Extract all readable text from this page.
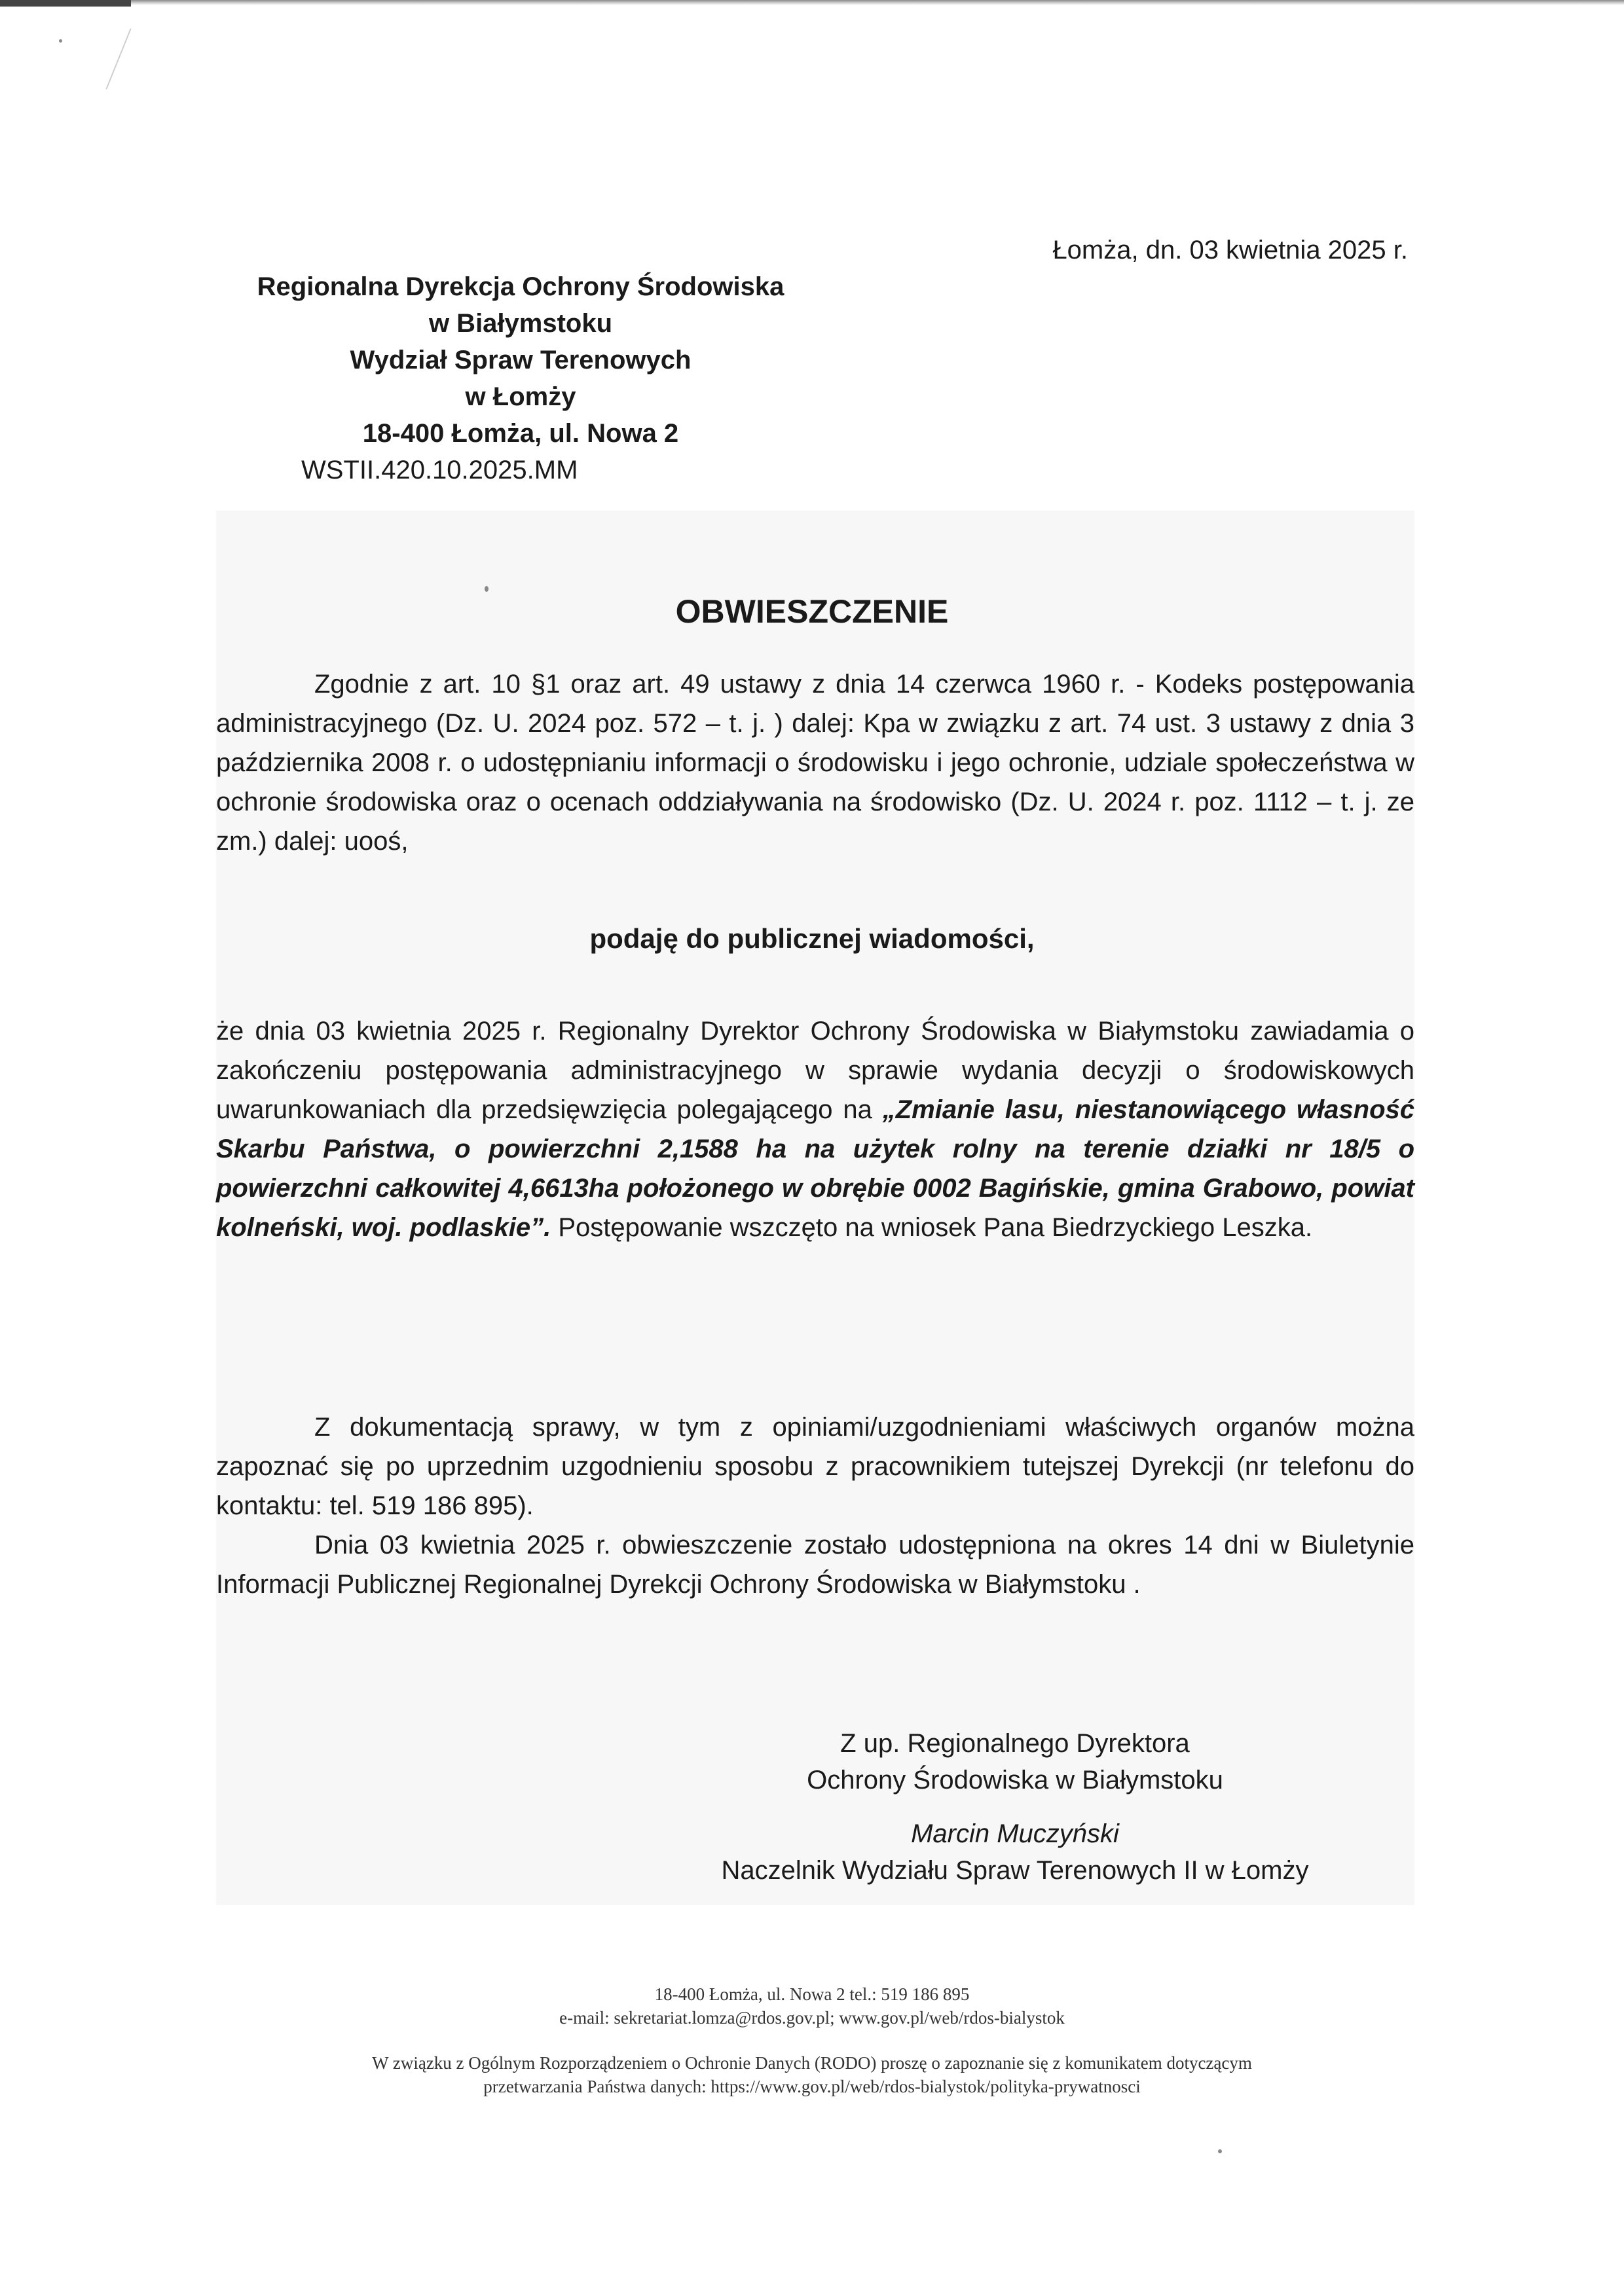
Regionalna Dyrekcja Ochrony Środowiska
w Białymstoku
Wydział Spraw Terenowych
w Łomży
18-400 Łomża, ul. Nowa 2
WSTII.420.10.2025.MM
Łomża, dn. 03 kwietnia 2025 r.
OBWIESZCZENIE

Zgodnie z art. 10 §1 oraz art. 49 ustawy z dnia 14 czerwca 1960 r. - Kodeks postępowania administracyjnego (Dz. U. 2024 poz. 572 – t. j. ) dalej: Kpa w związku z art. 74 ust. 3 ustawy z dnia 3 października 2008 r. o udostępnianiu informacji o środowisku i jego ochronie, udziale społeczeństwa w ochronie środowiska oraz o ocenach oddziaływania na środowisko (Dz. U. 2024 r. poz. 1112 – t. j. ze zm.) dalej: uooś,

podaję do publicznej wiadomości,

że dnia 03 kwietnia 2025 r. Regionalny Dyrektor Ochrony Środowiska w Białymstoku zawiadamia o zakończeniu postępowania administracyjnego w sprawie wydania decyzji o środowiskowych uwarunkowaniach dla przedsięwzięcia polegającego na „Zmianie lasu, niestanowiącego własność Skarbu Państwa, o powierzchni 2,1588 ha na użytek rolny na terenie działki nr 18/5 o powierzchni całkowitej 4,6613ha położonego w obrębie 0002 Bagińskie, gmina Grabowo, powiat kolneński, woj. podlaskie”. Postępowanie wszczęto na wniosek Pana Biedrzyckiego Leszka.

Z dokumentacją sprawy, w tym z opiniami/uzgodnieniami właściwych organów można zapoznać się po uprzednim uzgodnieniu sposobu z pracownikiem tutejszej Dyrekcji (nr telefonu do kontaktu: tel. 519 186 895).

Dnia 03 kwietnia 2025 r. obwieszczenie zostało udostępniona na okres 14 dni w Biuletynie Informacji Publicznej Regionalnej Dyrekcji Ochrony Środowiska w Białymstoku .

Z up. Regionalnego Dyrektora
Ochrony Środowiska w Białymstoku
Marcin Muczyński
Naczelnik Wydziału Spraw Terenowych II w Łomży
18-400 Łomża, ul. Nowa 2 tel.: 519 186 895
e-mail: sekretariat.lomza@rdos.gov.pl; www.gov.pl/web/rdos-bialystok
W związku z Ogólnym Rozporządzeniem o Ochronie Danych (RODO) proszę o zapoznanie się z komunikatem dotyczącym
przetwarzania Państwa danych: https://www.gov.pl/web/rdos-bialystok/polityka-prywatnosci
